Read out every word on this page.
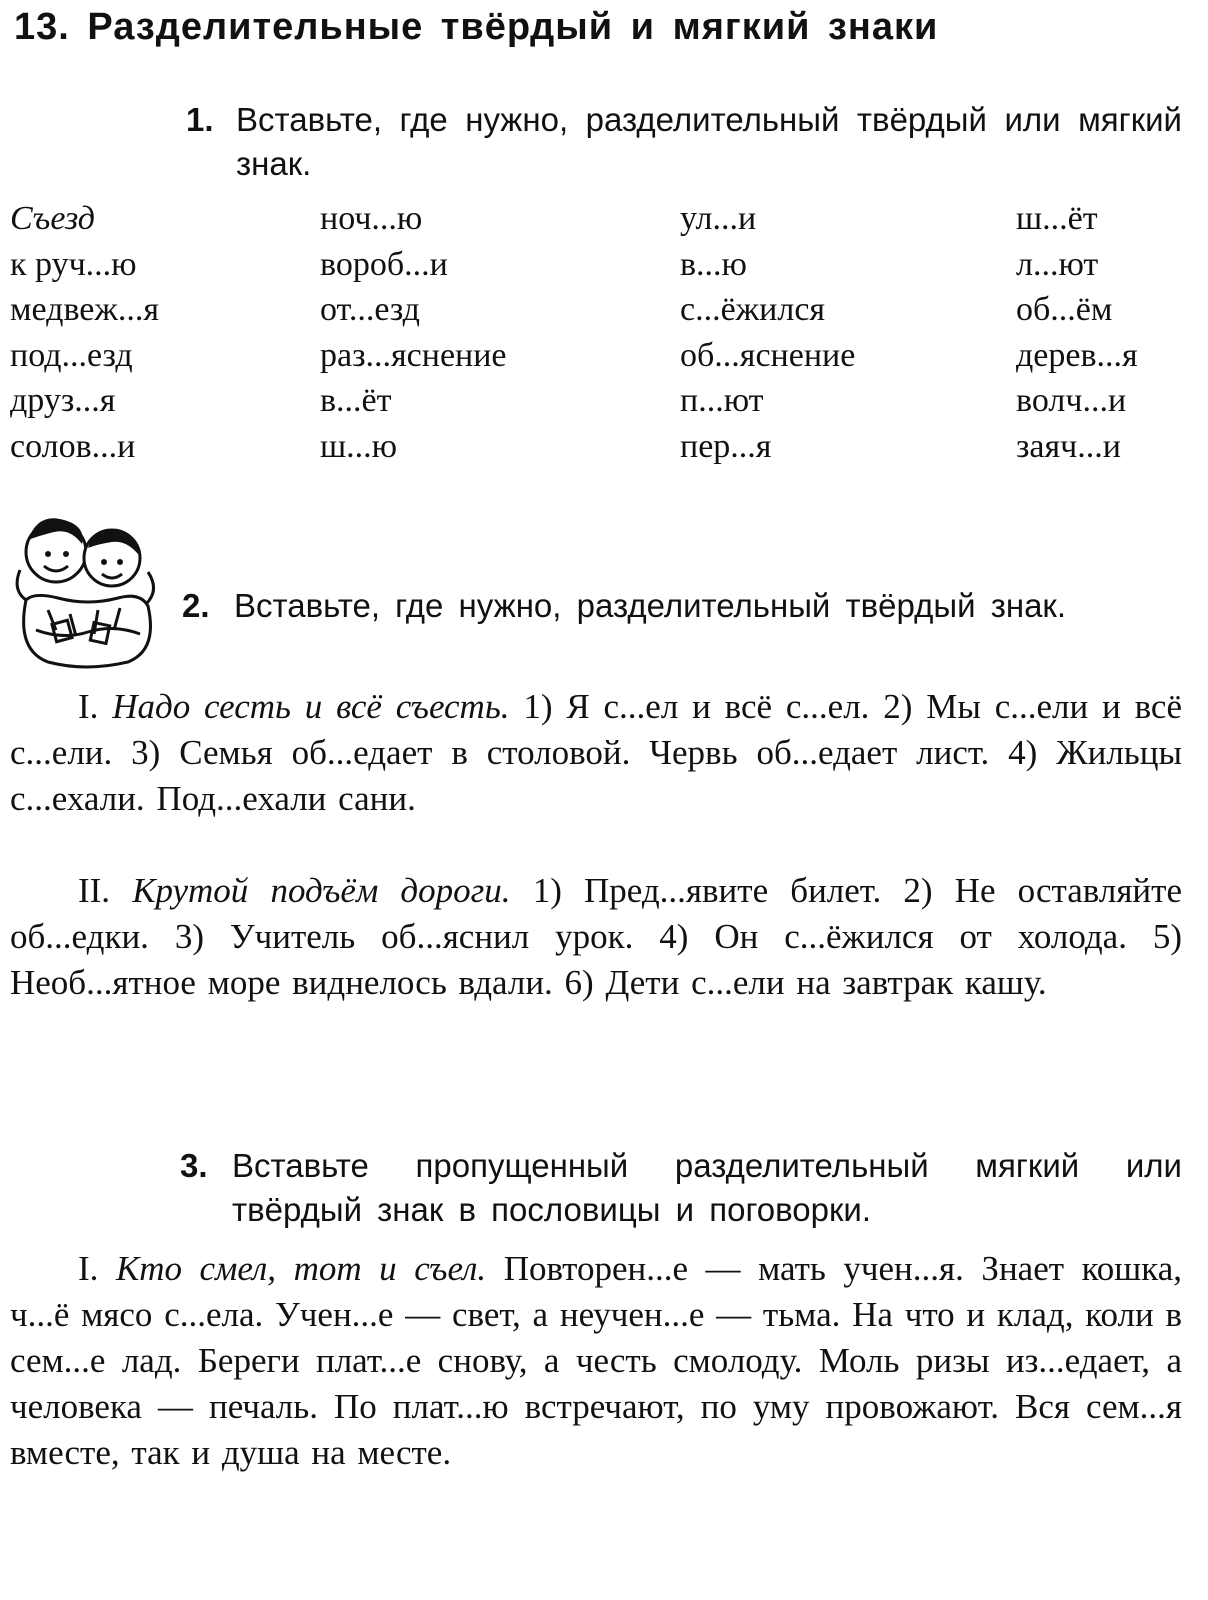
13. Разделительные твёрдый и мягкий знаки
1. Вставьте, где нужно, разделительный твёрдый или мягкий знак.
Съезд
к руч...ю
медвеж...я
под...езд
друз...я
солов...и
ноч...ю
вороб...и
от...езд
раз...яснение
в...ёт
ш...ю
ул...и
в...ю
с...ёжился
об...яснение
п...ют
пер...я
ш...ёт
л...ют
об...ём
дерев...я
волч...и
заяч...и
2. Вставьте, где нужно, разделительный твёрдый знак.
I. Надо сесть и всё съесть. 1) Я с...ел и всё с...ел. 2) Мы с...ели и всё с...ели. 3) Семья об...едает в столовой. Червь об...едает лист. 4) Жильцы с...ехали. Под...ехали сани.
II. Крутой подъём дороги. 1) Пред...явите билет. 2) Не оставляйте об...едки. 3) Учитель об...яснил урок. 4) Он с...ёжился от холода. 5) Необ...ятное море виднелось вдали. 6) Дети с...ели на завтрак кашу.
3. Вставьте пропущенный разделительный мягкий или твёрдый знак в пословицы и поговорки.
I. Кто смел, тот и съел. Повторен...е — мать учен...я. Знает кошка, ч...ё мясо с...ела. Учен...е — свет, а неучен...е — тьма. На что и клад, коли в сем...е лад. Береги плат...е снову, а честь смолоду. Моль ризы из...едает, а человека — печаль. По плат...ю встречают, по уму провожают. Вся сем...я вместе, так и душа на месте.
